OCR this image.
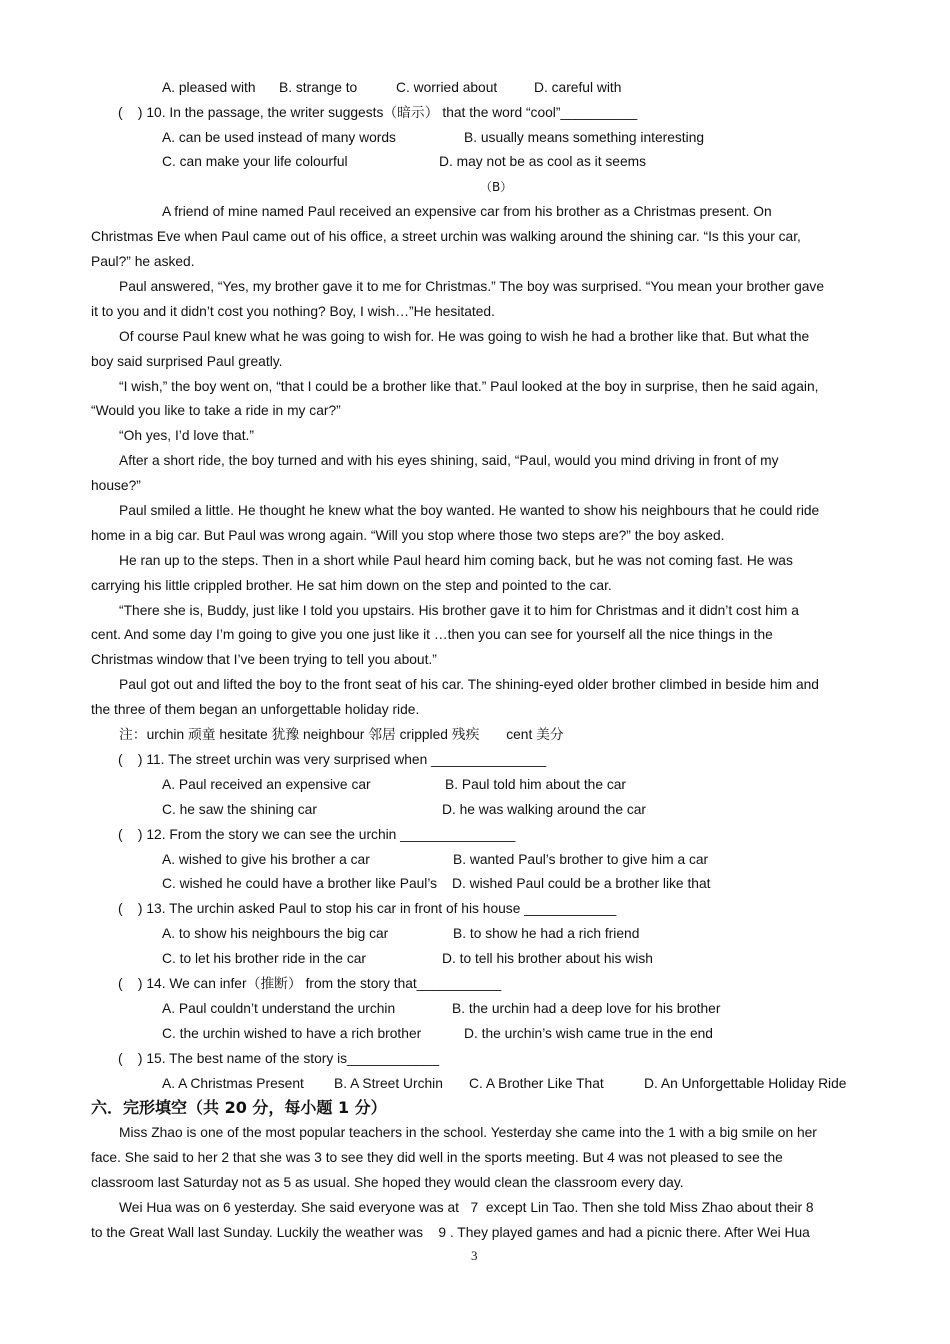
A. pleased with B. strange to	C. worried about	D. careful with
(    ) 10. In the passage, the writer suggests（暗示） that the word “cool”__________
A. can be used instead of many words	B. usually means something interesting
C. can make your life colourful	D. may not be as cool as it seems
（B）
A friend of mine named Paul received an expensive car from his brother as a Christmas present. On
Christmas Eve when Paul came out of his office, a street urchin was walking around the shining car. “Is this your car,
Paul?” he asked.
Paul answered, “Yes, my brother gave it to me for Christmas.” The boy was surprised. “You mean your brother gave
it to you and it didn’t cost you nothing? Boy, I wish…”He hesitated.
Of course Paul knew what he was going to wish for. He was going to wish he had a brother like that. But what the
boy said surprised Paul greatly.
“I wish,” the boy went on, “that I could be a brother like that.” Paul looked at the boy in surprise, then he said again,
“Would you like to take a ride in my car?”
“Oh yes, I’d love that.”
After a short ride, the boy turned and with his eyes shining, said, “Paul, would you mind driving in front of my
house?”
Paul smiled a little. He thought he knew what the boy wanted. He wanted to show his neighbours that he could ride
home in a big car. But Paul was wrong again. “Will you stop where those two steps are?” the boy asked.
He ran up to the steps. Then in a short while Paul heard him coming back, but he was not coming fast. He was
carrying his little crippled brother. He sat him down on the step and pointed to the car.
“There she is, Buddy, just like I told you upstairs. His brother gave it to him for Christmas and it didn’t cost him a
cent. And some day I’m going to give you one just like it …then you can see for yourself all the nice things in the
Christmas window that I’ve been trying to tell you about.”
Paul got out and lifted the boy to the front seat of his car. The shining-eyed older brother climbed in beside him and
the three of them began an unforgettable holiday ride.
注：urchin 顽童 hesitate 犹豫 neighbour 邻居 crippled 残疾       cent 美分
(    ) 11. The street urchin was very surprised when _______________
A. Paul received an expensive car	B. Paul told him about the car
C. he saw the shining car	D. he was walking around the car
(    ) 12. From the story we can see the urchin _______________
A. wished to give his brother a car	B. wanted Paul’s brother to give him a car
C. wished he could have a brother like Paul’s D. wished Paul could be a brother like that
(    ) 13. The urchin asked Paul to stop his car in front of his house ____________
A. to show his neighbours the big car	B. to show he had a rich friend
C. to let his brother ride in the car	D. to tell his brother about his wish
(    ) 14. We can infer（推断） from the story that___________
A. Paul couldn’t understand the urchin	B. the urchin had a deep love for his brother
C. the urchin wished to have a rich brother	D. the urchin’s wish came true in the end
(    ) 15. The best name of the story is____________
A. A Christmas Present B. A Street Urchin C. A Brother Like That	D. An Unforgettable Holiday Ride
六．完形填空（共 20 分，每小题 1 分）
Miss Zhao is one of the most popular teachers in the school. Yesterday she came into the 1 with a big smile on her
face. She said to her 2 that she was 3 to see they did well in the sports meeting. But 4 was not pleased to see the
classroom last Saturday not as 5 as usual. She hoped they would clean the classroom every day.
Wei Hua was on 6 yesterday. She said everyone was at   7  except Lin Tao. Then she told Miss Zhao about their 8
to the Great Wall last Sunday. Luckily the weather was    9 . They played games and had a picnic there. After Wei Hua
3
